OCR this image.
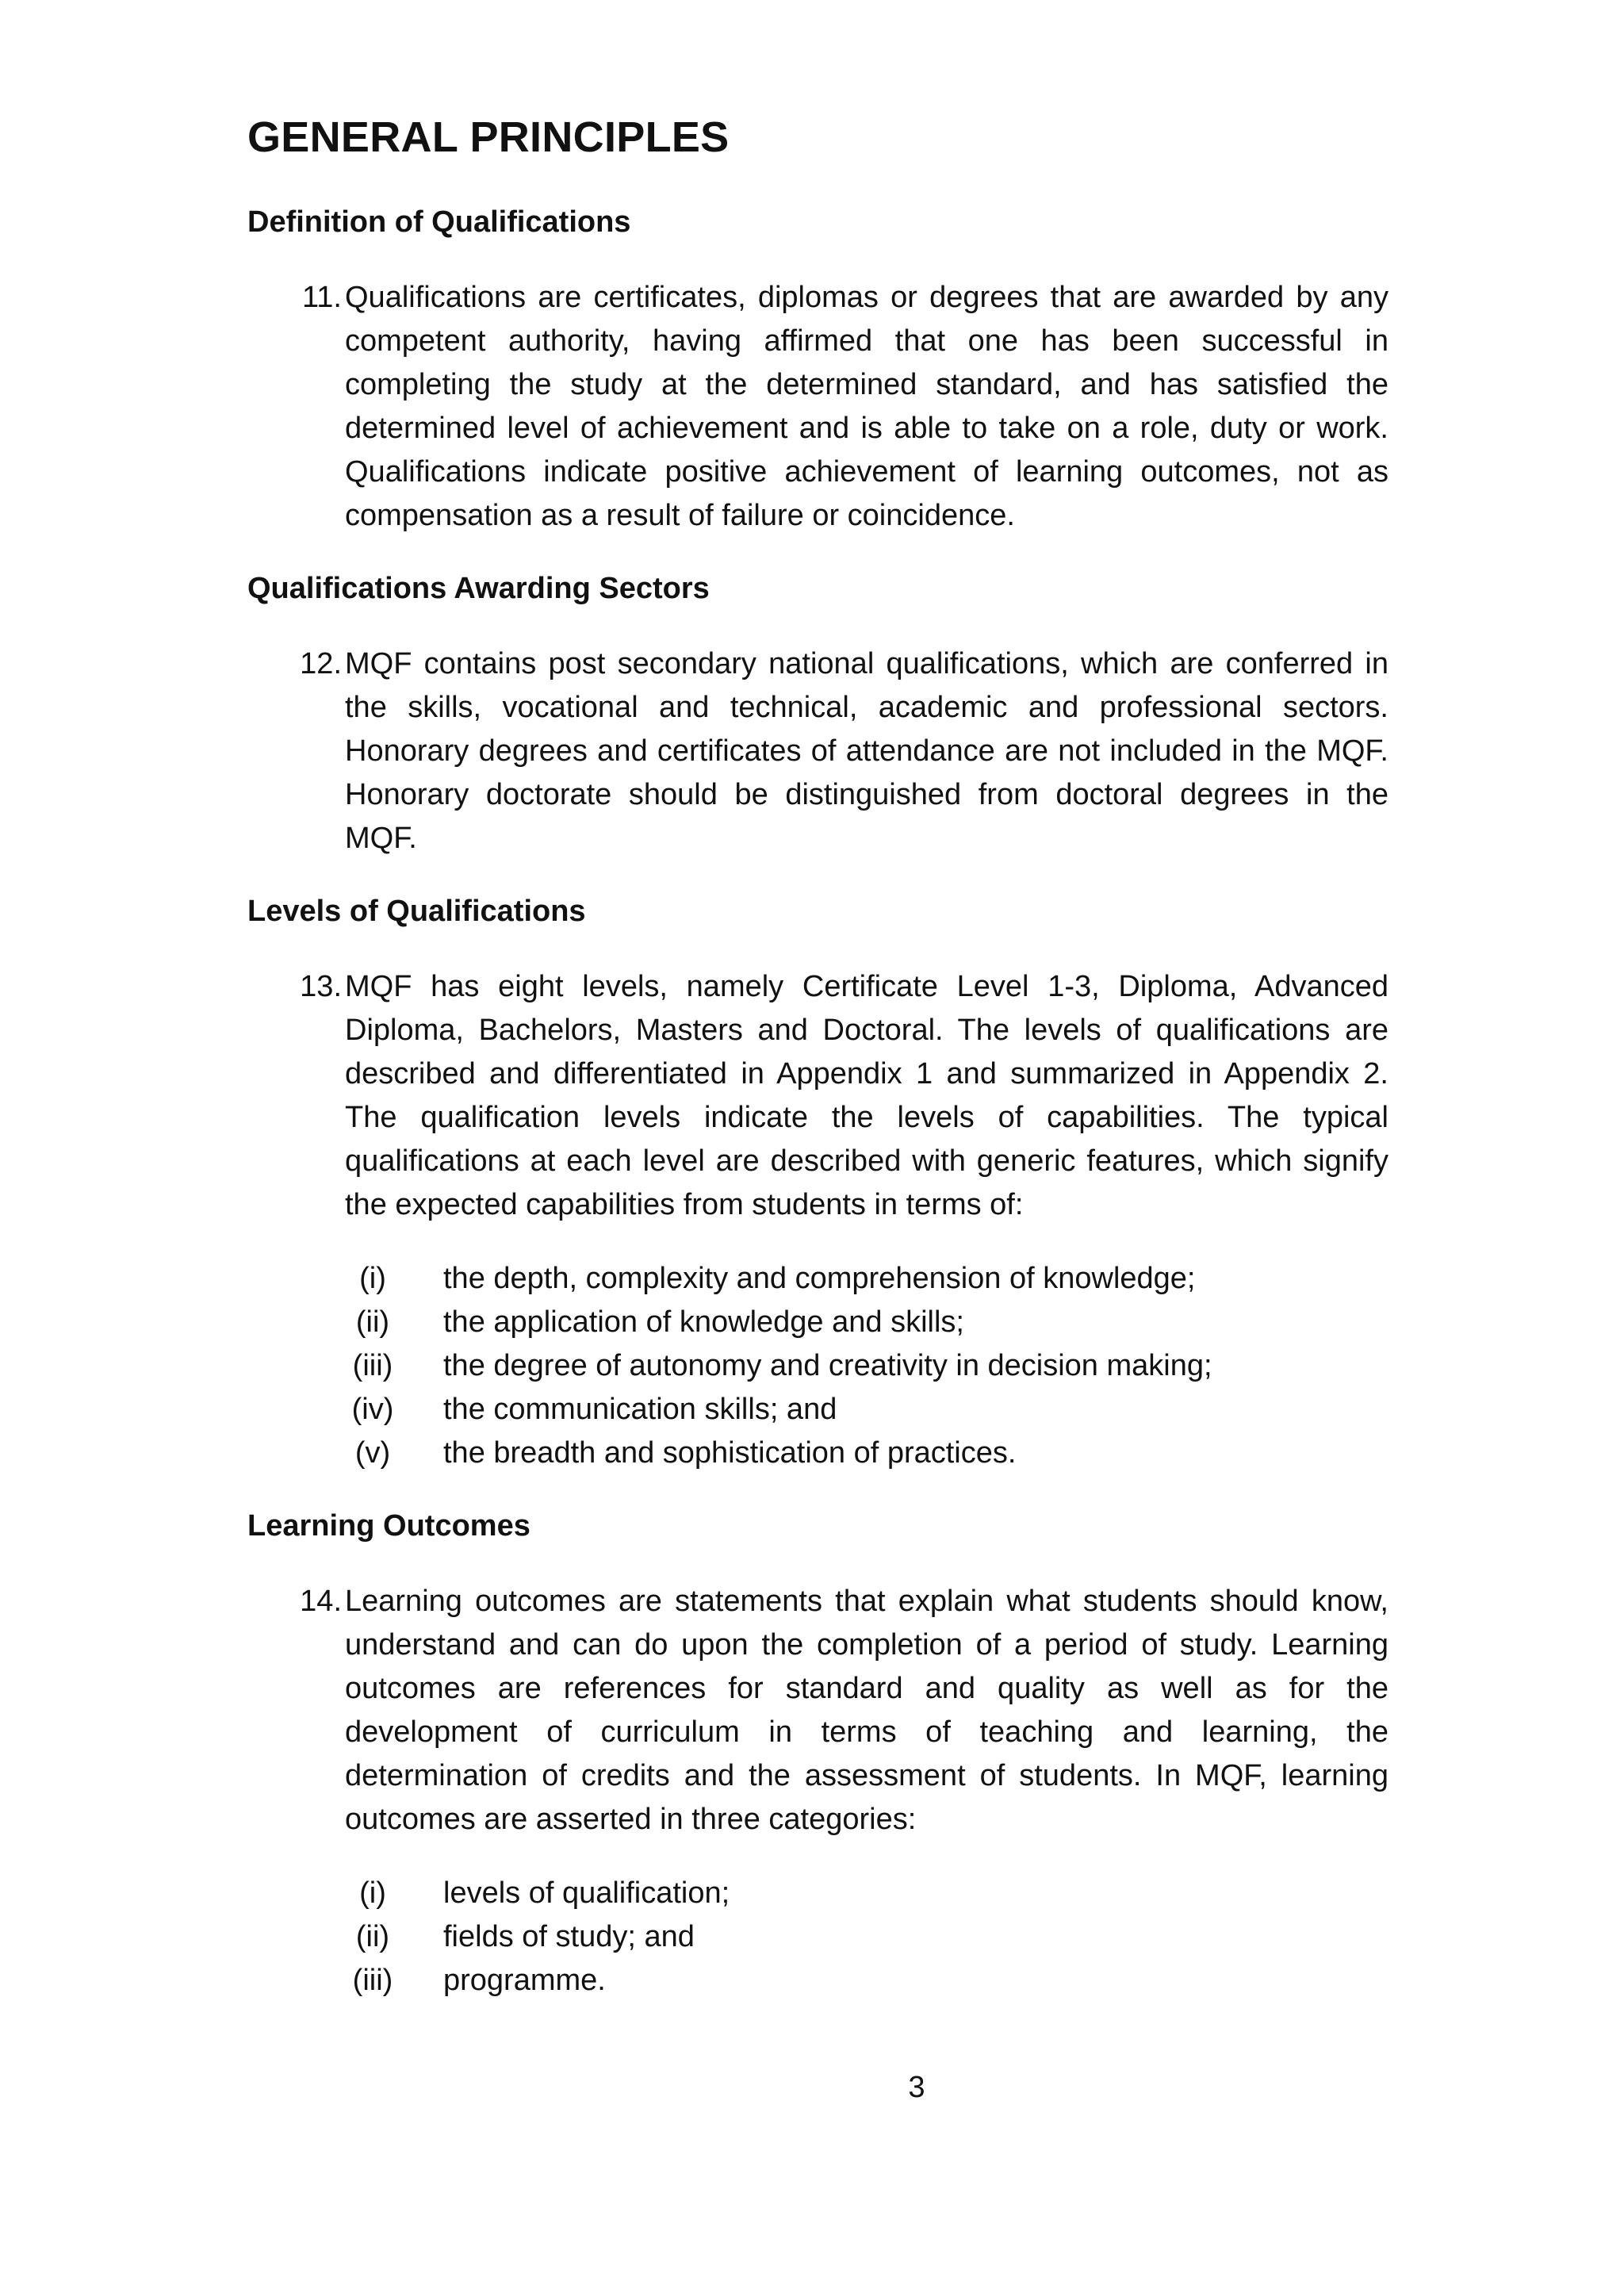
GENERAL PRINCIPLES
Definition of Qualifications
11. Qualifications are certificates, diplomas or degrees that are awarded by any competent authority, having affirmed that one has been successful in completing the study at the determined standard, and has satisfied the determined level of achievement and is able to take on a role, duty or work. Qualifications indicate positive achievement of learning outcomes, not as compensation as a result of failure or coincidence.
Qualifications Awarding Sectors
12. MQF contains post secondary national qualifications, which are conferred in the skills, vocational and technical, academic and professional sectors. Honorary degrees and certificates of attendance are not included in the MQF. Honorary doctorate should be distinguished from doctoral degrees in the MQF.
Levels of Qualifications
13. MQF has eight levels, namely Certificate Level 1-3, Diploma, Advanced Diploma, Bachelors, Masters and Doctoral. The levels of qualifications are described and differentiated in Appendix 1 and summarized in Appendix 2. The qualification levels indicate the levels of capabilities. The typical qualifications at each level are described with generic features, which signify the expected capabilities from students in terms of:
(i)	the depth, complexity and comprehension of knowledge;
(ii)	the application of knowledge and skills;
(iii)	the degree of autonomy and creativity in decision making;
(iv)	the communication skills; and
(v)	the breadth and sophistication of practices.
Learning Outcomes
14. Learning outcomes are statements that explain what students should know, understand and can do upon the completion of a period of study. Learning outcomes are references for standard and quality as well as for the development of curriculum in terms of teaching and learning, the determination of credits and the assessment of students. In MQF, learning outcomes are asserted in three categories:
(i)	levels of qualification;
(ii)	fields of study; and
(iii)	programme.
3
